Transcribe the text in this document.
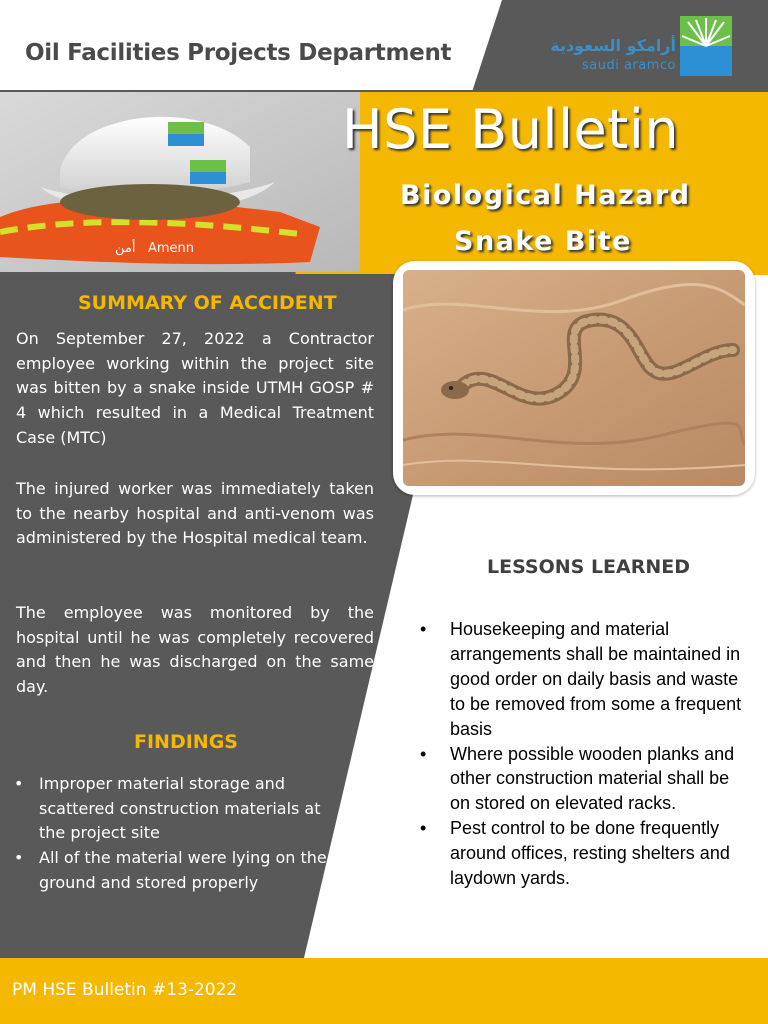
Oil Facilities Projects Department	أرامكو السعودية
saudi aramco
أمن Amenn
HSE Bulletin
Biological Hazard
Snake Bite
SUMMARY OF ACCIDENT

On September 27, 2022 a Contractor employee working within the project site was bitten by a snake inside UTMH GOSP # 4 which resulted in a Medical Treatment Case (MTC)

The injured worker was immediately taken to the nearby hospital and anti-venom was administered by the Hospital medical team.

The employee was monitored by the hospital until he was completely recovered and then he was discharged on the same day.

FINDINGS
• Improper material storage and scattered construction materials at the project site
• All of the material were lying on the ground and stored properly
LESSONS LEARNED
• Housekeeping and material arrangements shall be maintained in good order on daily basis and waste to be removed from some a frequent basis
• Where possible wooden planks and other construction material shall be on stored on elevated racks.
• Pest control to be done frequently around offices, resting shelters and laydown yards.
PM HSE Bulletin #13-2022
